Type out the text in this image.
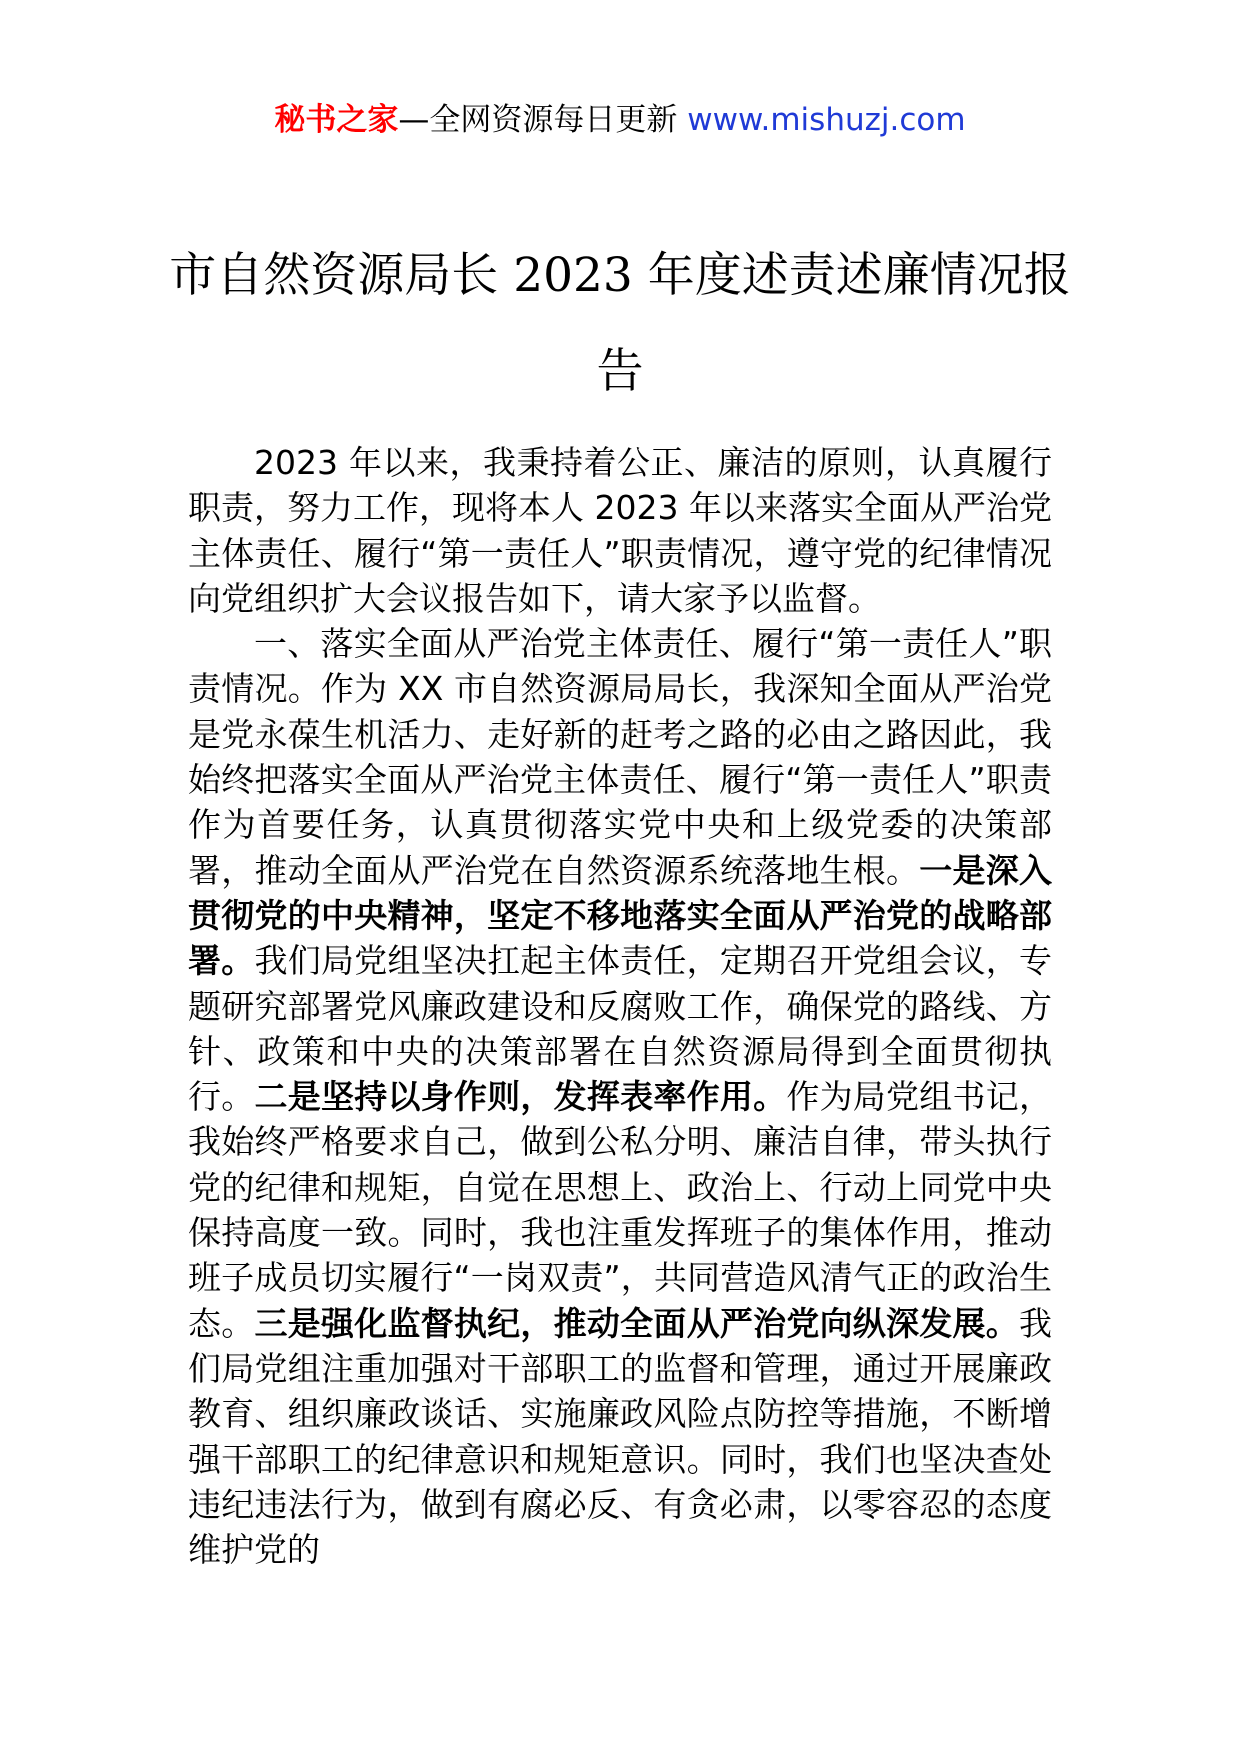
秘书之家—全网资源每日更新 www.mishuzj.com
市自然资源局长 2023 年度述责述廉情况报
告

2023 年以来，我秉持着公正、廉洁的原则，认真履行职责，努力工作，现将本人 2023 年以来落实全面从严治党主体责任、履行“第一责任人”职责情况，遵守党的纪律情况向党组织扩大会议报告如下，请大家予以监督。

一、落实全面从严治党主体责任、履行“第一责任人”职责情况。作为 XX 市自然资源局局长，我深知全面从严治党是党永葆生机活力、走好新的赶考之路的必由之路因此，我始终把落实全面从严治党主体责任、履行“第一责任人”职责作为首要任务，认真贯彻落实党中央和上级党委的决策部署，推动全面从严治党在自然资源系统落地生根。一是深入贯彻党的中央精神，坚定不移地落实全面从严治党的战略部署。我们局党组坚决扛起主体责任，定期召开党组会议，专题研究部署党风廉政建设和反腐败工作，确保党的路线、方针、政策和中央的决策部署在自然资源局得到全面贯彻执行。二是坚持以身作则，发挥表率作用。作为局党组书记，我始终严格要求自己，做到公私分明、廉洁自律，带头执行党的纪律和规矩，自觉在思想上、政治上、行动上同党中央保持高度一致。同时，我也注重发挥班子的集体作用，推动班子成员切实履行“一岗双责”，共同营造风清气正的政治生态。三是强化监督执纪，推动全面从严治党向纵深发展。我们局党组注重加强对干部职工的监督和管理，通过开展廉政教育、组织廉政谈话、实施廉政风险点防控等措施，不断增强干部职工的纪律意识和规矩意识。同时，我们也坚决查处违纪违法行为，做到有腐必反、有贪必肃，以零容忍的态度维护党的
